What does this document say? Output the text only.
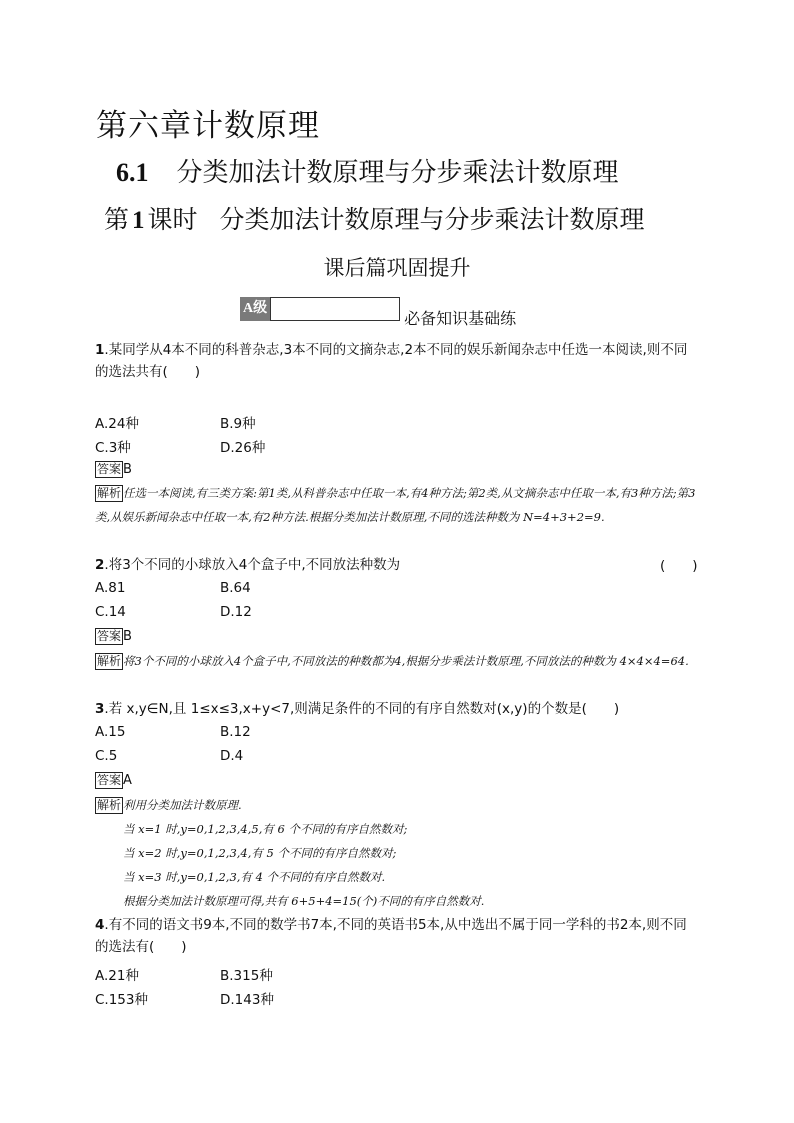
第六章计数原理
6.1 分类加法计数原理与分步乘法计数原理
第 1 课时 分类加法计数原理与分步乘法计数原理
课后篇巩固提升
A级	必备知识基础练
1.某同学从4本不同的科普杂志,3本不同的文摘杂志,2本不同的娱乐新闻杂志中任选一本阅读,则不同的选法共有(　　)
A.24种	B.9种
C.3种	D.26种
答案 B
解析 任选一本阅读,有三类方案:第1类,从科普杂志中任取一本,有4种方法;第2类,从文摘杂志中任取一本,有3种方法;第3类,从娱乐新闻杂志中任取一本,有2种方法.根据分类加法计数原理,不同的选法种数为 N=4+3+2=9.
2.将3个不同的小球放入4个盒子中,不同放法种数为	(　　)
A.81	B.64
C.14	D.12
答案 B
解析 将3个不同的小球放入4个盒子中,不同放法的种数都为4,根据分步乘法计数原理,不同放法的种数为 4×4×4=64.
3.若 x,y∈N,且 1≤x≤3,x+y<7,则满足条件的不同的有序自然数对(x,y)的个数是(　　)
A.15	B.12
C.5	D.4
答案 A
解析 利用分类加法计数原理.
当 x=1 时,y=0,1,2,3,4,5,有 6 个不同的有序自然数对;
当 x=2 时,y=0,1,2,3,4,有 5 个不同的有序自然数对;
当 x=3 时,y=0,1,2,3,有 4 个不同的有序自然数对.
根据分类加法计数原理可得,共有 6+5+4=15(个)不同的有序自然数对.
4.有不同的语文书9本,不同的数学书7本,不同的英语书5本,从中选出不属于同一学科的书2本,则不同的选法有(　　)
A.21种	B.315种
C.153种	D.143种
